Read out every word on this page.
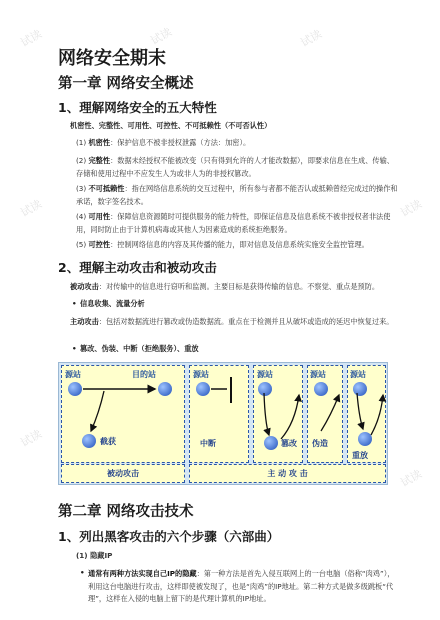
试读	试读	试读
试读	试读
试读
试读
网络安全期末
第一章 网络安全概述
1、理解网络安全的五大特性
机密性、完整性、可用性、可控性、不可抵赖性（不可否认性）
(1) 机密性：保护信息不被非授权泄露（方法：加密）。
(2) 完整性：数据未经授权不能被改变（只有得到允许的人才能改数据），即要求信息在生成、传输、存储和使用过程中不应发生人为或非人为的非授权篡改。
(3) 不可抵赖性：指在网络信息系统的交互过程中，所有参与者都不能否认或抵赖曾经完成过的操作和承诺，数字签名技术。
(4) 可用性：保障信息资源随时可提供服务的能力特性，即保证信息及信息系统不被非授权者非法使用，同时防止由于计算机病毒或其他人为因素造成的系统拒绝服务。
(5) 可控性：控制网络信息的内容及其传播的能力，即对信息及信息系统实施安全监控管理。
2、理解主动攻击和被动攻击
被动攻击：对传输中的信息进行窃听和监测。主要目标是获得传输的信息。不察觉、重点是预防。
• 信息收集、流量分析
主动攻击：包括对数据流进行篡改或伪造数据流。重点在于检测并且从破坏或造成的延迟中恢复过来。
• 篡改、伪装、中断（拒绝服务）、重放
源站	目的站
截获
源站
中断
源站
篡改
源站
伪造
源站
重放
被动攻击	主 动 攻 击
第二章 网络攻击技术
1、列出黑客攻击的六个步骤（六部曲）
(1) 隐藏IP
通常有两种方法实现自己IP的隐藏：第一种方法是首先入侵互联网上的一台电脑（俗称“肉鸡”），利用这台电脑进行攻击，这样即使被发现了，也是“肉鸡”的IP地址。第二种方式是做多级跳板“代理”，这样在入侵的电脑上留下的是代理计算机的IP地址。
•
